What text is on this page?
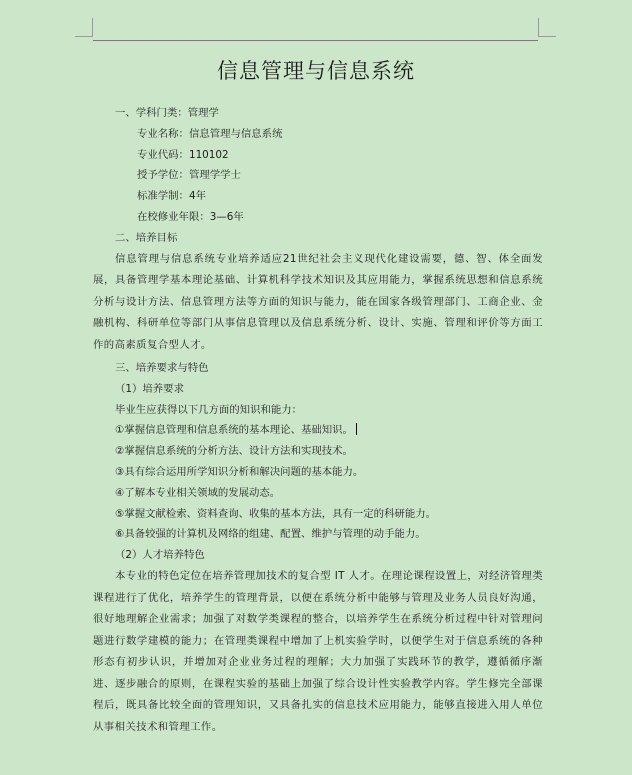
信息管理与信息系统
一、学科门类：管理学
专业名称：信息管理与信息系统
专业代码：110102
授予学位：管理学学士
标准学制：4年
在校修业年限：3—6年
二、培养目标
信息管理与信息系统专业培养适应21世纪社会主义现代化建设需要，德、智、体全面发展，具备管理学基本理论基础、计算机科学技术知识及其应用能力，掌握系统思想和信息系统分析与设计方法、信息管理方法等方面的知识与能力，能在国家各级管理部门、工商企业、金融机构、科研单位等部门从事信息管理以及信息系统分析、设计、实施、管理和评价等方面工作的高素质复合型人才。
三、培养要求与特色
（1）培养要求
毕业生应获得以下几方面的知识和能力：
①掌握信息管理和信息系统的基本理论、基础知识。
②掌握信息系统的分析方法、设计方法和实现技术。
③具有综合运用所学知识分析和解决问题的基本能力。
④了解本专业相关领域的发展动态。
⑤掌握文献检索、资料查询、收集的基本方法，具有一定的科研能力。
⑥具备较强的计算机及网络的组建、配置、维护与管理的动手能力。
（2）人才培养特色
本专业的特色定位在培养管理加技术的复合型 IT 人才。在理论课程设置上，对经济管理类课程进行了优化，培养学生的管理背景，以便在系统分析中能够与管理及业务人员良好沟通，很好地理解企业需求；加强了对数学类课程的整合，以培养学生在系统分析过程中针对管理问题进行数学建模的能力；在管理类课程中增加了上机实验学时，以便学生对于信息系统的各种形态有初步认识，并增加对企业业务过程的理解；大力加强了实践环节的教学，遵循循序渐进、逐步融合的原则，在课程实验的基础上加强了综合设计性实验教学内容。学生修完全部课程后，既具备比较全面的管理知识，又具备扎实的信息技术应用能力，能够直接进入用人单位从事相关技术和管理工作。
